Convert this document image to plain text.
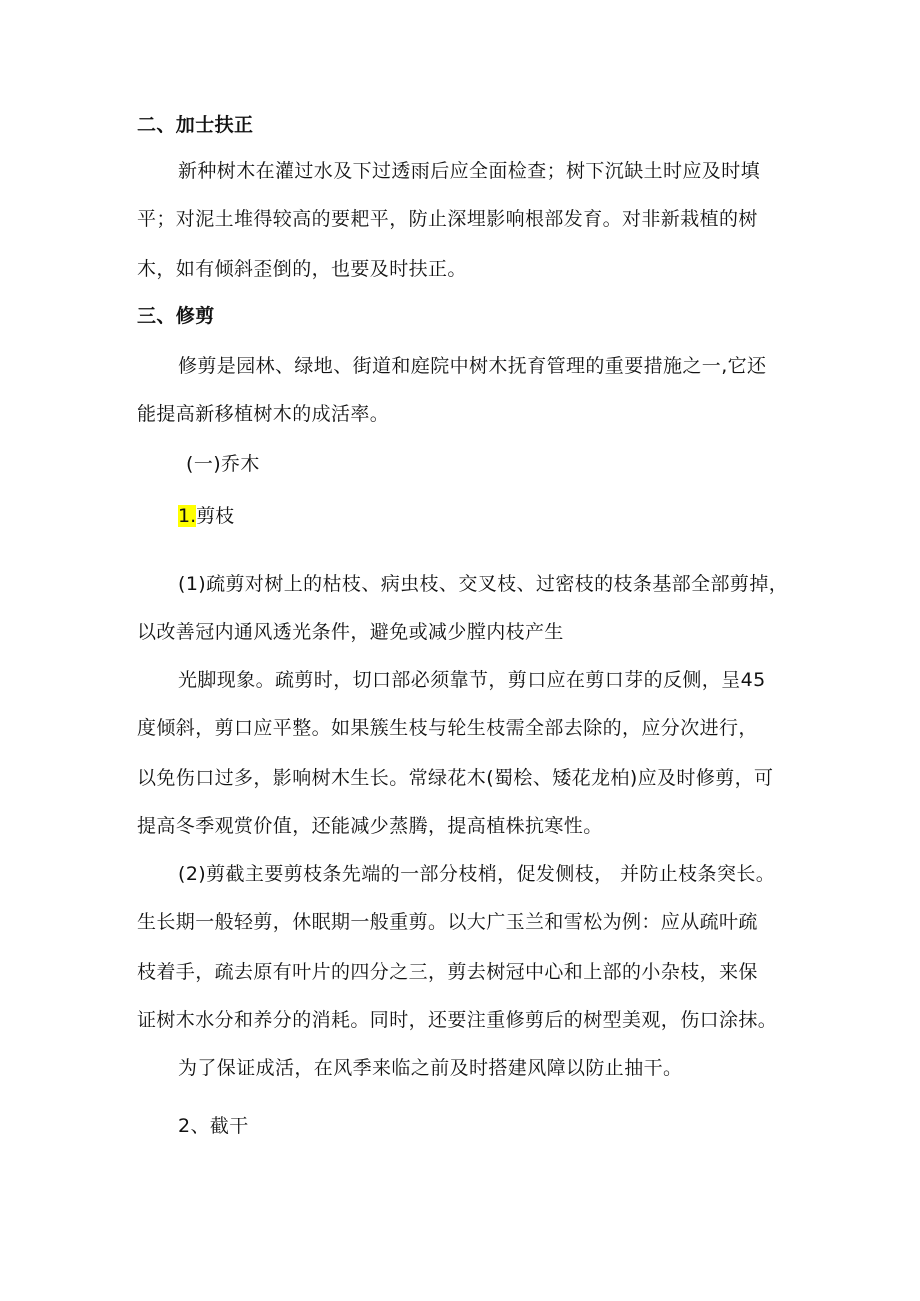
二、加士扶正
新种树木在灌过水及下过透雨后应全面检查；树下沉缺土时应及时填
平；对泥土堆得较高的要耙平，防止深埋影响根部发育。对非新栽植的树
木，如有倾斜歪倒的，也要及时扶正。
三、修剪
修剪是园林、绿地、街道和庭院中树木抚育管理的重要措施之一,它还
能提高新移植树木的成活率。
(一)乔木
1.剪枝
(1)疏剪对树上的枯枝、病虫枝、交叉枝、过密枝的枝条基部全部剪掉，
以改善冠内通风透光条件，避免或减少膛内枝产生
光脚现象。疏剪时，切口部必须靠节，剪口应在剪口芽的反侧，呈45
度倾斜，剪口应平整。如果簇生枝与轮生枝需全部去除的，应分次进行，
以免伤口过多，影响树木生长。常绿花木(蜀桧、矮花龙柏)应及时修剪，可
提高冬季观赏价值，还能减少蒸腾，提高植株抗寒性。
(2)剪截主要剪枝条先端的一部分枝梢，促发侧枝， 并防止枝条突长。
生长期一般轻剪，休眠期一般重剪。以大广玉兰和雪松为例：应从疏叶疏
枝着手，疏去原有叶片的四分之三，剪去树冠中心和上部的小杂枝，来保
证树木水分和养分的消耗。同时，还要注重修剪后的树型美观，伤口涂抹。
为了保证成活，在风季来临之前及时搭建风障以防止抽干。
2、截干
